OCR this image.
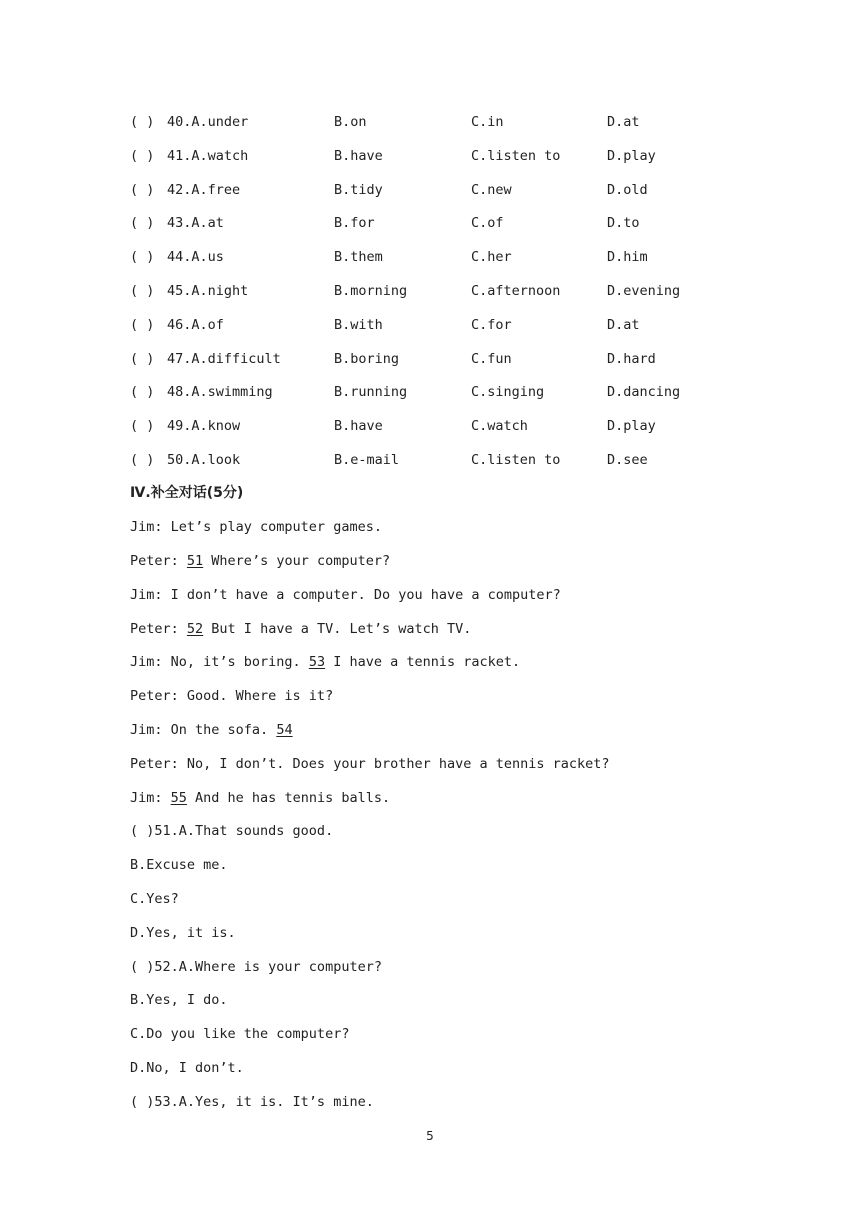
( ) 40.A.under	B.on	C.in	D.at
( ) 41.A.watch	B.have	C.listen to	D.play
( ) 42.A.free	B.tidy	C.new	D.old
( ) 43.A.at	B.for	C.of	D.to
( ) 44.A.us	B.them	C.her	D.him
( ) 45.A.night	B.morning	C.afternoon	D.evening
( ) 46.A.of	B.with	C.for	D.at
( ) 47.A.difficult	B.boring	C.fun	D.hard
( ) 48.A.swimming	B.running	C.singing	D.dancing
( ) 49.A.know	B.have	C.watch	D.play
( ) 50.A.look	B.e-mail	C.listen to	D.see
Ⅳ.补全对话(5分)
Jim: Let’s play computer games.
Peter: 51 Where’s your computer?
Jim: I don’t have a computer. Do you have a computer?
Peter: 52 But I have a TV. Let’s watch TV.
Jim: No, it’s boring. 53 I have a tennis racket.
Peter: Good. Where is it?
Jim: On the sofa. 54
Peter: No, I don’t. Does your brother have a tennis racket?
Jim: 55 And he has tennis balls.
( )51.A.That sounds good.
B.Excuse me.
C.Yes?
D.Yes, it is.
( )52.A.Where is your computer?
B.Yes, I do.
C.Do you like the computer?
D.No, I don’t.
( )53.A.Yes, it is. It’s mine.
5
